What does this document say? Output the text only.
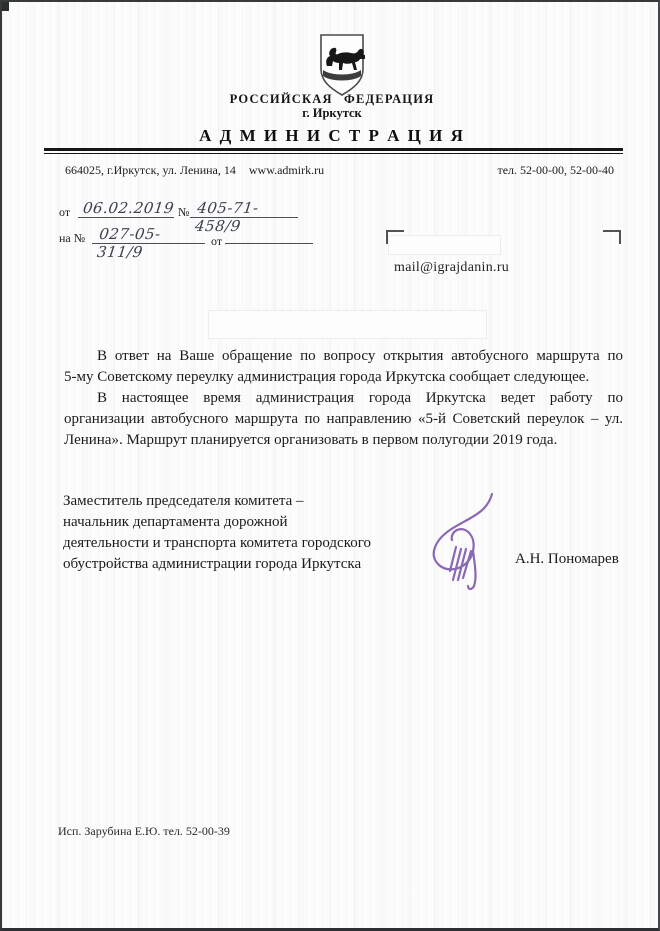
РОССИЙСКАЯ ФЕДЕРАЦИЯ
г. Иркутск
А Д М И Н И С Т Р А Ц И Я
664025, г.Иркутск, ул. Ленина, 14 www.admirk.ru	тел. 52-00-00, 52-00-40
от 06.02.2019 № 405-71-458/9
на № 027-05-311/9
от
mail@igrajdanin.ru
В ответ на Ваше обращение по вопросу открытия автобусного маршрута по
5-му Советскому переулку администрация города Иркутска сообщает следующее.
В настоящее время администрация города Иркутска ведет работу по
организации автобусного маршрута по направлению «5-й Советский переулок – ул.
Ленина». Маршрут планируется организовать в первом полугодии 2019 года.
Заместитель председателя комитета –
начальник департамента дорожной
деятельности и транспорта комитета городского
обустройства администрации города Иркутска	А.Н. Пономарев
Исп. Зарубина Е.Ю. тел. 52-00-39
